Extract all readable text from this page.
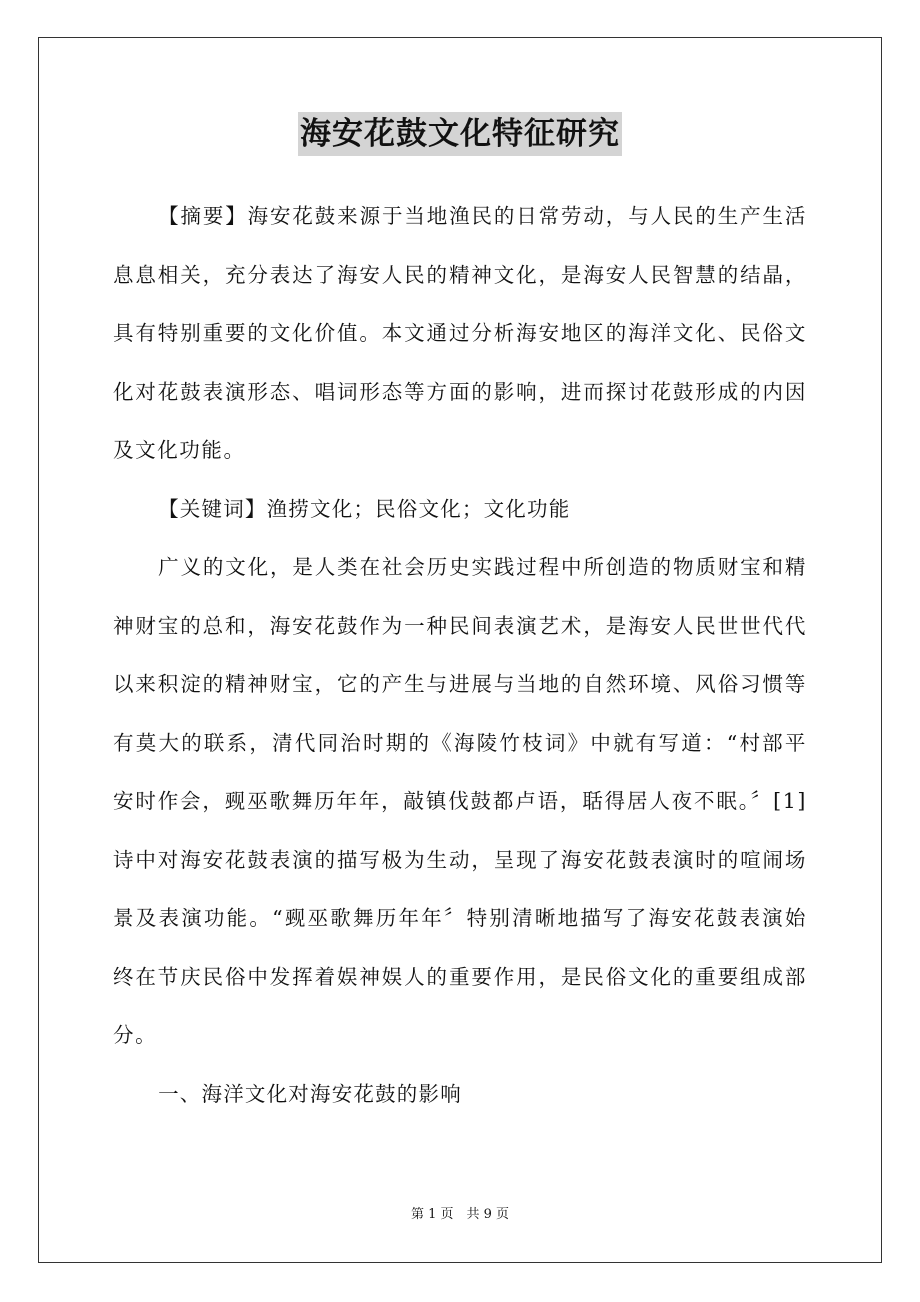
海安花鼓文化特征研究

【摘要】海安花鼓来源于当地渔民的日常劳动，与人民的生产生活息息相关，充分表达了海安人民的精神文化，是海安人民智慧的结晶，具有特别重要的文化价值。本文通过分析海安地区的海洋文化、民俗文化对花鼓表演形态、唱词形态等方面的影响，进而探讨花鼓形成的内因及文化功能。

【关键词】渔捞文化；民俗文化；文化功能

广义的文化，是人类在社会历史实践过程中所创造的物质财宝和精神财宝的总和，海安花鼓作为一种民间表演艺术，是海安人民世世代代以来积淀的精神财宝，它的产生与进展与当地的自然环境、风俗习惯等有莫大的联系，清代同治时期的《海陵竹枝词》中就有写道：“村部平安时作会，觋巫歌舞历年年，敲镇伐鼓都卢语，聒得居人夜不眠。〞[1]诗中对海安花鼓表演的描写极为生动，呈现了海安花鼓表演时的喧闹场景及表演功能。“觋巫歌舞历年年〞特别清晰地描写了海安花鼓表演始终在节庆民俗中发挥着娱神娱人的重要作用，是民俗文化的重要组成部分。

一、海洋文化对海安花鼓的影响

第 1 页　共 9 页
